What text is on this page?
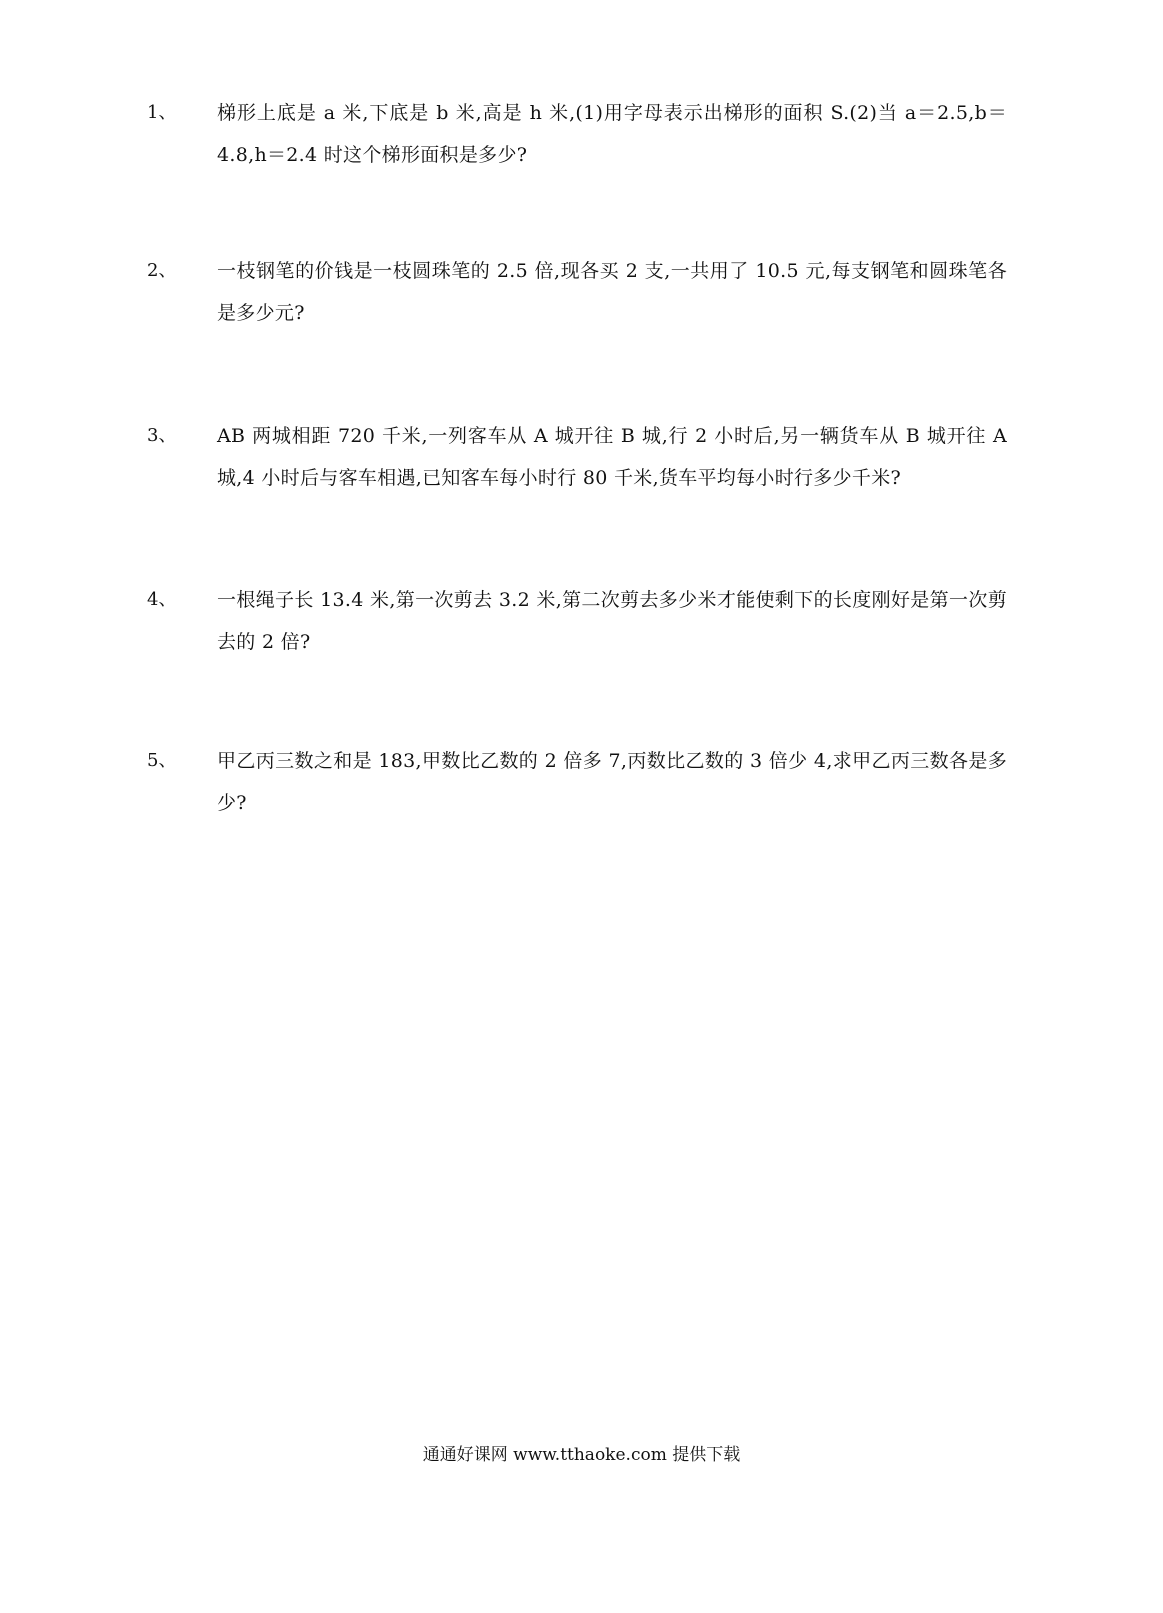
1、 梯形上底是 a 米,下底是 b 米,高是 h 米,(1)用字母表示出梯形的面积 S.(2)当 a＝2.5,b＝4.8,h＝2.4 时这个梯形面积是多少?
2、 一枝钢笔的价钱是一枝圆珠笔的 2.5 倍,现各买 2 支,一共用了 10.5 元,每支钢笔和圆珠笔各是多少元?
3、 AB 两城相距 720 千米,一列客车从 A 城开往 B 城,行 2 小时后,另一辆货车从 B 城开往 A 城,4 小时后与客车相遇,已知客车每小时行 80 千米,货车平均每小时行多少千米?
4、 一根绳子长 13.4 米,第一次剪去 3.2 米,第二次剪去多少米才能使剩下的长度刚好是第一次剪去的 2 倍?
5、 甲乙丙三数之和是 183,甲数比乙数的 2 倍多 7,丙数比乙数的 3 倍少 4,求甲乙丙三数各是多少?
通通好课网 www.tthaoke.com 提供下载
